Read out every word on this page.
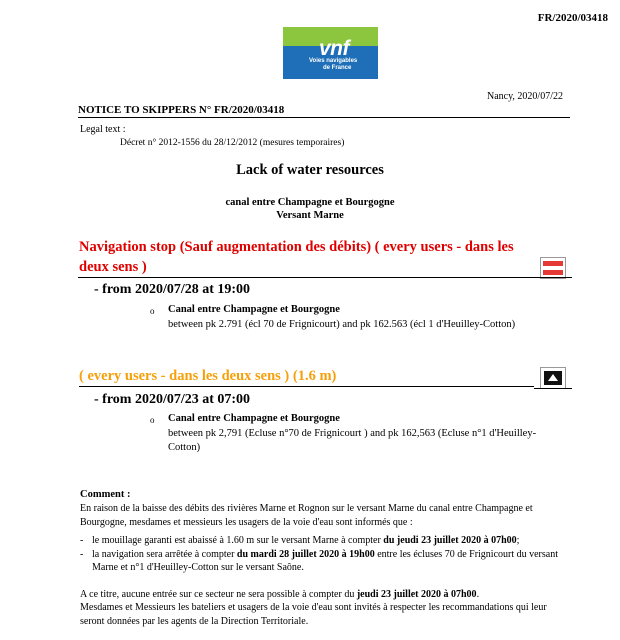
FR/2020/03418
vnf
Voies navigables
de France
Nancy, 2020/07/22
NOTICE TO SKIPPERS N° FR/2020/03418
Legal text :
Décret n° 2012-1556 du 28/12/2012 (mesures temporaires)
Lack of water resources
canal entre Champagne et Bourgogne
Versant Marne
Navigation stop (Sauf augmentation des débits) ( every users - dans les deux sens )
- from 2020/07/28 at 19:00
o Canal entre Champagne et Bourgogne
between pk 2.791 (écl 70 de Frignicourt) and pk 162.563 (écl 1 d'Heuilley-Cotton)
( every users - dans les deux sens ) (1.6 m)
- from 2020/07/23 at 07:00
o Canal entre Champagne et Bourgogne
between pk 2,791 (Ecluse n°70 de Frignicourt ) and pk 162,563 (Ecluse n°1 d'Heuilley-Cotton)
Comment :
En raison de la baisse des débits des rivières Marne et Rognon sur le versant Marne du canal entre Champagne et Bourgogne, mesdames et messieurs les usagers de la voie d'eau sont informés que :
- le mouillage garanti est abaissé à 1.60 m sur le versant Marne à compter du jeudi 23 juillet 2020 à 07h00;
- la navigation sera arrêtée à compter du mardi 28 juillet 2020 à 19h00 entre les écluses 70 de Frignicourt du versant Marne et n°1 d'Heuilley-Cotton sur le versant Saône.
A ce titre, aucune entrée sur ce secteur ne sera possible à compter du jeudi 23 juillet 2020 à 07h00.
Mesdames et Messieurs les bateliers et usagers de la voie d'eau sont invités à respecter les recommandations qui leur seront données par les agents de la Direction Territoriale.
